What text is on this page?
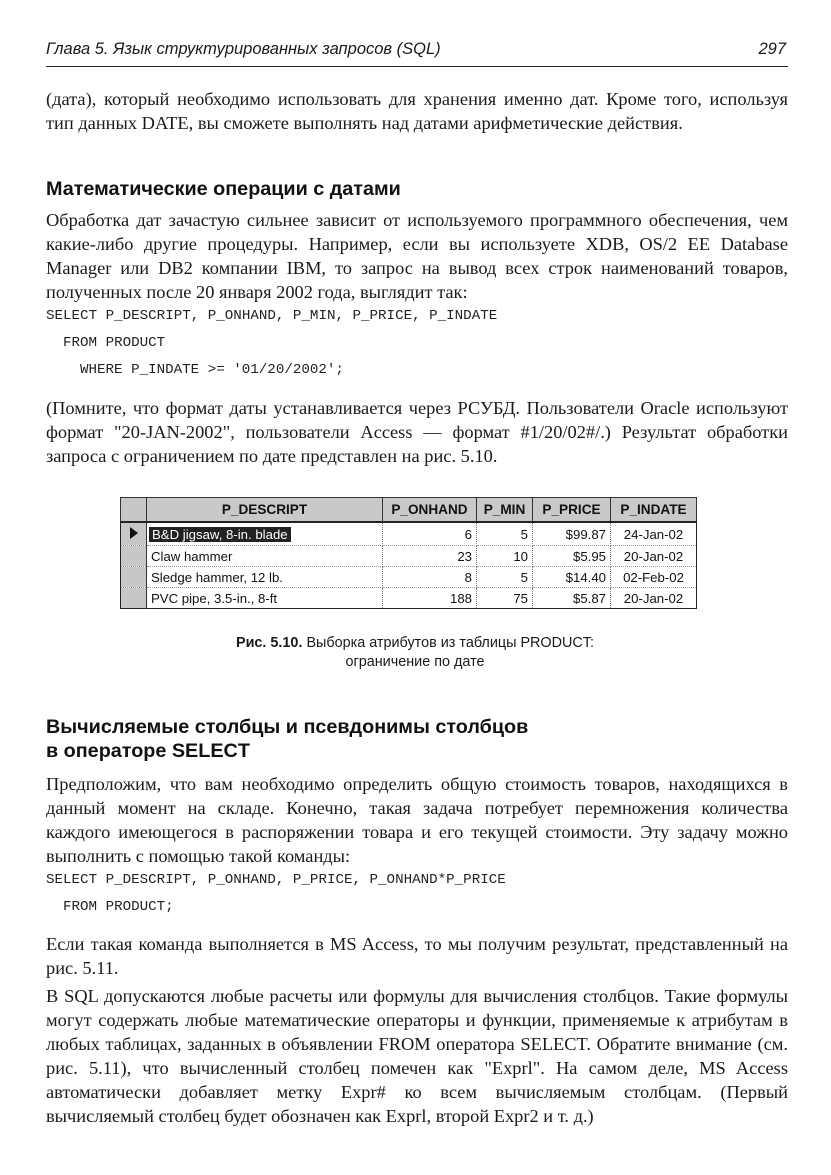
Глава 5. Язык структурированных запросов (SQL)	297

(дата), который необходимо использовать для хранения именно дат. Кроме того, используя тип данных DATE, вы сможете выполнять над датами арифметические действия.

Математические операции с датами

Обработка дат зачастую сильнее зависит от используемого программного обеспечения, чем какие-либо другие процедуры. Например, если вы используете XDB, OS/2 EE Database Manager или DB2 компании IBM, то запрос на вывод всех строк наименований товаров, полученных после 20 января 2002 года, выглядит так:

SELECT P_DESCRIPT, P_ONHAND, P_MIN, P_PRICE, P_INDATE
FROM PRODUCT
WHERE P_INDATE >= '01/20/2002';

(Помните, что формат даты устанавливается через РСУБД. Пользователи Oracle используют формат "20-JAN-2002", пользователи Access — формат #1/20/02#/.) Результат обработки запроса с ограничением по дате представлен на рис. 5.10.

	P_DESCRIPT	P_ONHAND	P_MIN	P_PRICE	P_INDATE
	B&D jigsaw, 8-in. blade	6	5	$99.87	24-Jan-02
	Claw hammer	23	10	$5.95	20-Jan-02
	Sledge hammer, 12 lb.	8	5	$14.40	02-Feb-02
	PVC pipe, 3.5-in., 8-ft	188	75	$5.87	20-Jan-02

Рис. 5.10. Выборка атрибутов из таблицы PRODUCT:
ограничение по дате

Вычисляемые столбцы и псевдонимы столбцов
в операторе SELECT

Предположим, что вам необходимо определить общую стоимость товаров, находящихся в данный момент на складе. Конечно, такая задача потребует перемножения количества каждого имеющегося в распоряжении товара и его текущей стоимости. Эту задачу можно выполнить с помощью такой команды:

SELECT P_DESCRIPT, P_ONHAND, P_PRICE, P_ONHAND*P_PRICE
FROM PRODUCT;

Если такая команда выполняется в MS Access, то мы получим результат, представленный на рис. 5.11.

В SQL допускаются любые расчеты или формулы для вычисления столбцов. Такие формулы могут содержать любые математические операторы и функции, применяемые к атрибутам в любых таблицах, заданных в объявлении FROM оператора SELECT. Обратите внимание (см. рис. 5.11), что вычисленный столбец помечен как "Exprl". На самом деле, MS Access автоматически добавляет метку Expr# ко всем вычисляемым столбцам. (Первый вычисляемый столбец будет обозначен как Exprl, второй Expr2 и т. д.)
